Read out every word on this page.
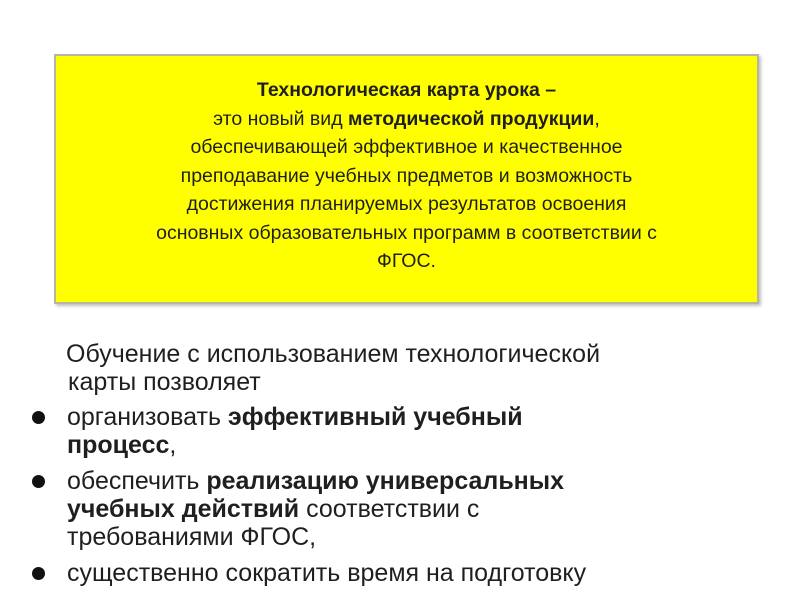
Технологическая карта урока –
это новый вид методической продукции,
обеспечивающей эффективное и качественное
преподавание учебных предметов и возможность
достижения планируемых результатов освоения
основных образовательных программ в соответствии с
ФГОС.

Обучение с использованием технологической
карты позволяет

организовать эффективный учебный
процесс,
обеспечить реализацию универсальных
учебных действий соответствии с
требованиями ФГОС,
существенно сократить время на подготовку
